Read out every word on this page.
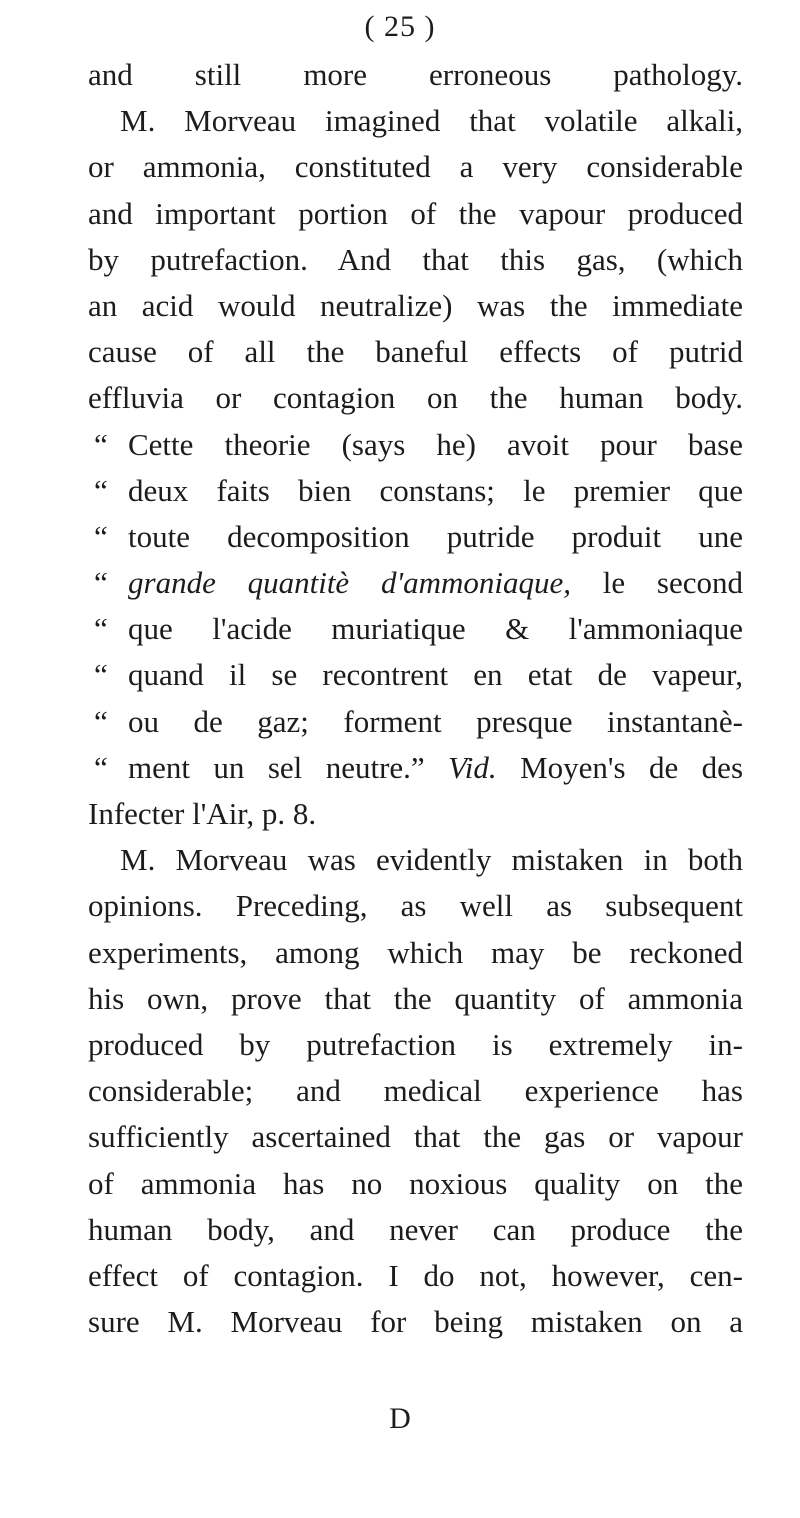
( 25 )
and still more erroneous pathology.
M. Morveau imagined that volatile alkali,
or ammonia, constituted a very considerable
and important portion of the vapour produced
by putrefaction. And that this gas, (which
an acid would neutralize) was the immediate
cause of all the baneful effects of putrid
effluvia or contagion on the human body.
“ Cette theorie (says he) avoit pour base
“ deux faits bien constans; le premier que
“ toute decomposition putride produit une
“ grande quantitè d'ammoniaque, le second
“ que l'acide muriatique & l'ammoniaque
“ quand il se recontrent en etat de vapeur,
“ ou de gaz; forment presque instantanè-
“ ment un sel neutre.” Vid. Moyen's de des
Infecter l'Air, p. 8.
M. Morveau was evidently mistaken in both
opinions. Preceding, as well as subsequent
experiments, among which may be reckoned
his own, prove that the quantity of ammonia
produced by putrefaction is extremely in-
considerable; and medical experience has
sufficiently ascertained that the gas or vapour
of ammonia has no noxious quality on the
human body, and never can produce the
effect of contagion. I do not, however, cen-
sure M. Morveau for being mistaken on a
D
